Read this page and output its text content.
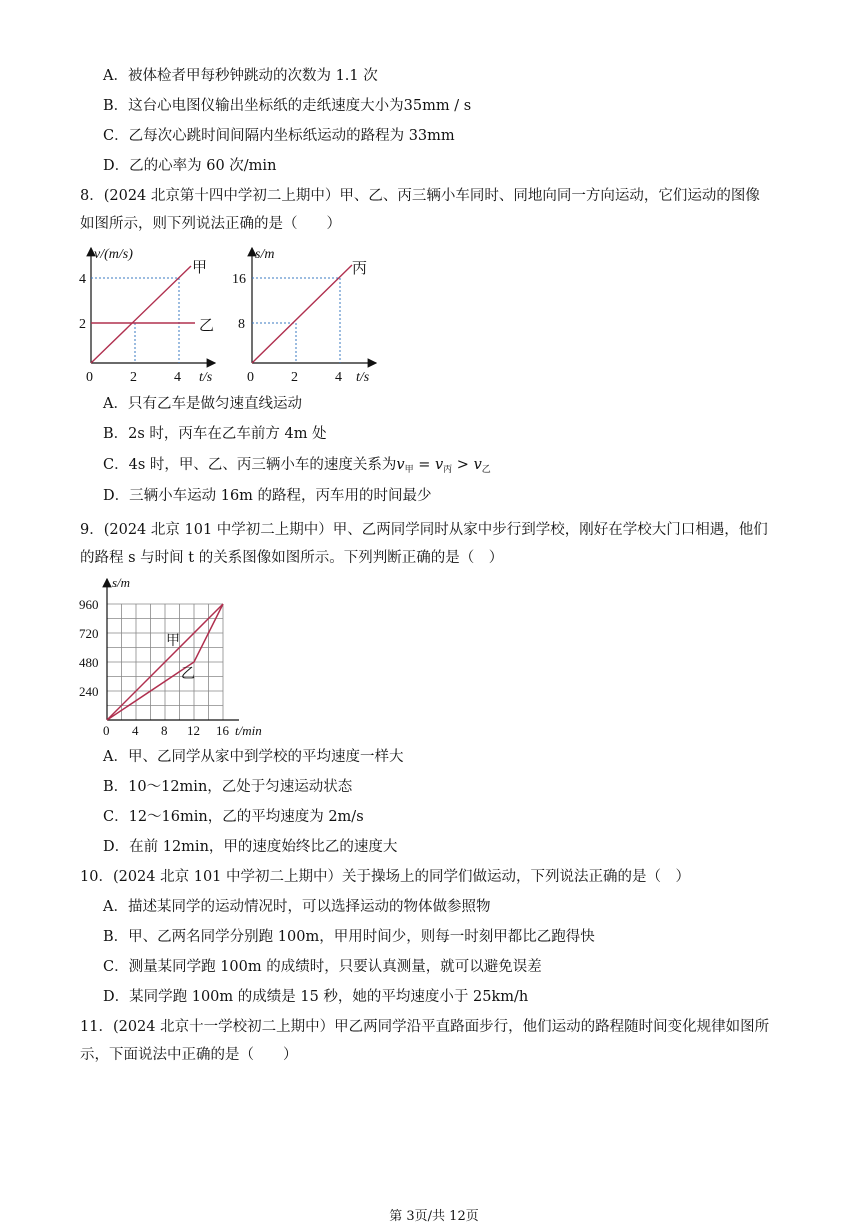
A．被体检者甲每秒钟跳动的次数为 1.1 次
B．这台心电图仪输出坐标纸的走纸速度大小为35mm / s
C．乙每次心跳时间间隔内坐标纸运动的路程为 33mm
D．乙的心率为 60 次/min
8．(2024 北京第十四中学初二上期中）甲、乙、丙三辆小车同时、同地向同一方向运动，它们运动的图像
如图所示，则下列说法正确的是（　　）
v/(m/s)
t/s
0	2	4
2
4
甲
乙
s/m
t/s
0	2	4
8
16
丙
A．只有乙车是做匀速直线运动
B．2s 时，丙车在乙车前方 4m 处
C．4s 时，甲、乙、丙三辆小车的速度关系为$v_甲 = v_丙 > v_乙$
D．三辆小车运动 16m 的路程，丙车用的时间最少
9．(2024 北京 101 中学初二上期中）甲、乙两同学同时从家中步行到学校，刚好在学校大门口相遇，他们
的路程 s 与时间 t 的关系图像如图所示。下列判断正确的是（　）
s/m
t/min
0 4 8 12 16
240
480
720
960
甲
乙
A．甲、乙同学从家中到学校的平均速度一样大
B．10～12min，乙处于匀速运动状态
C．12～16min，乙的平均速度为 2m/s
D．在前 12min，甲的速度始终比乙的速度大
10．(2024 北京 101 中学初二上期中）关于操场上的同学们做运动，下列说法正确的是（　）
A．描述某同学的运动情况时，可以选择运动的物体做参照物
B．甲、乙两名同学分别跑 100m，甲用时间少，则每一时刻甲都比乙跑得快
C．测量某同学跑 100m 的成绩时，只要认真测量，就可以避免误差
D．某同学跑 100m 的成绩是 15 秒，她的平均速度小于 25km/h
11．(2024 北京十一学校初二上期中）甲乙两同学沿平直路面步行，他们运动的路程随时间变化规律如图所
示，下面说法中正确的是（　　）
第 3页/共 12页
